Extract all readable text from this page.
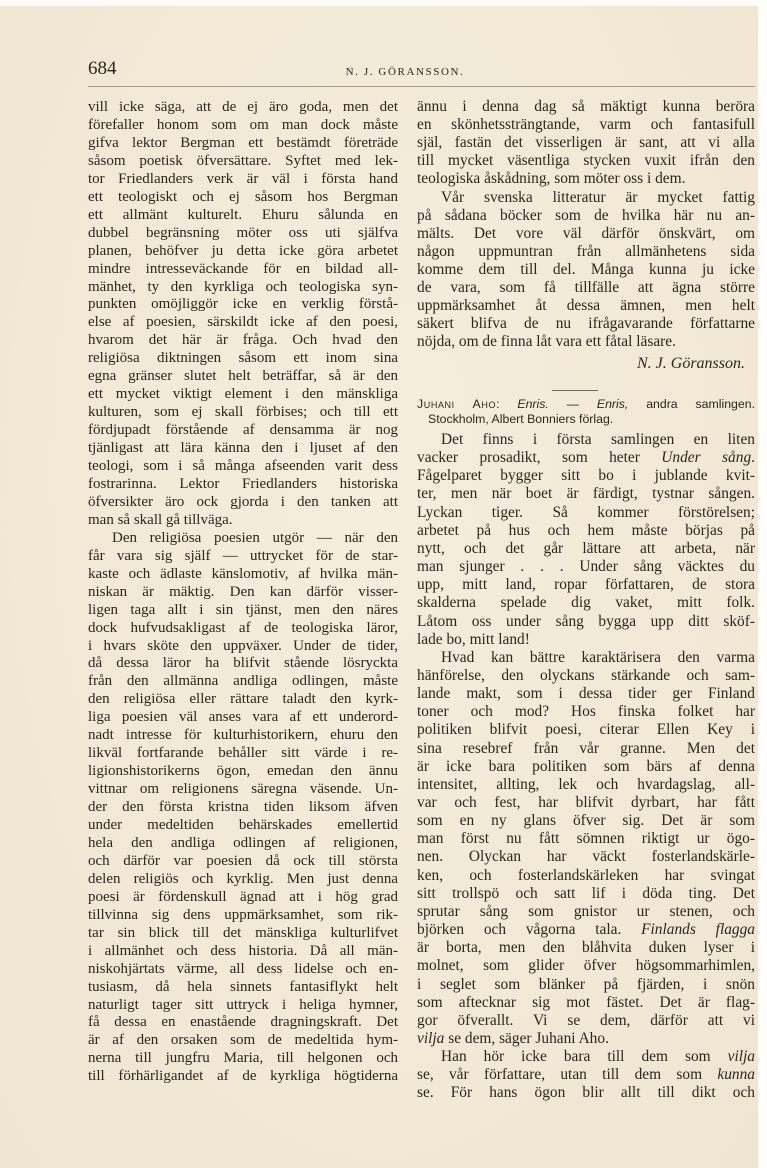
684	N. J. GÖRANSSON.
vill icke säga, att de ej äro goda, men det
förefaller honom som om man dock måste
gifva lektor Bergman ett bestämdt företräde
såsom poetisk öfversättare. Syftet med lek-
tor Friedlanders verk är väl i första hand
ett teologiskt och ej såsom hos Bergman
ett allmänt kulturelt. Ehuru sålunda en
dubbel begränsning möter oss uti själfva
planen, behöfver ju detta icke göra arbetet
mindre intresseväckande för en bildad all-
mänhet, ty den kyrkliga och teologiska syn-
punkten omöjliggör icke en verklig förstå-
else af poesien, särskildt icke af den poesi,
hvarom det här är fråga. Och hvad den
religiösa diktningen såsom ett inom sina
egna gränser slutet helt beträffar, så är den
ett mycket viktigt element i den mänskliga
kulturen, som ej skall förbises; och till ett
fördjupadt förstående af densamma är nog
tjänligast att lära känna den i ljuset af den
teologi, som i så många afseenden varit dess
fostrarinna. Lektor Friedlanders historiska
öfversikter äro ock gjorda i den tanken att
man så skall gå tillväga.
Den religiösa poesien utgör — när den
får vara sig själf — uttrycket för de star-
kaste och ädlaste känslomotiv, af hvilka män-
niskan är mäktig. Den kan därför visser-
ligen taga allt i sin tjänst, men den näres
dock hufvudsakligast af de teologiska läror,
i hvars sköte den uppväxer. Under de tider,
då dessa läror ha blifvit stående lösryckta
från den allmänna andliga odlingen, måste
den religiösa eller rättare taladt den kyrk-
liga poesien väl anses vara af ett underord-
nadt intresse för kulturhistorikern, ehuru den
likväl fortfarande behåller sitt värde i re-
ligionshistorikerns ögon, emedan den ännu
vittnar om religionens säregna väsende. Un-
der den första kristna tiden liksom äfven
under medeltiden behärskades emellertid
hela den andliga odlingen af religionen,
och därför var poesien då ock till största
delen religiös och kyrklig. Men just denna
poesi är fördenskull ägnad att i hög grad
tillvinna sig dens uppmärksamhet, som rik-
tar sin blick till det mänskliga kulturlifvet
i allmänhet och dess historia. Då all män-
niskohjärtats värme, all dess lidelse och en-
tusiasm, då hela sinnets fantasiflykt helt
naturligt tager sitt uttryck i heliga hymner,
få dessa en enastående dragningskraft. Det
är af den orsaken som de medeltida hym-
nerna till jungfru Maria, till helgonen och
till förhärligandet af de kyrkliga högtiderna
ännu i denna dag så mäktigt kunna beröra
en skönhetssträngtande, varm och fantasifull
själ, fastän det visserligen är sant, att vi alla
till mycket väsentliga stycken vuxit ifrån den
teologiska åskådning, som möter oss i dem.
Vår svenska litteratur är mycket fattig
på sådana böcker som de hvilka här nu an-
mälts. Det vore väl därför önskvärt, om
någon uppmuntran från allmänhetens sida
komme dem till del. Många kunna ju icke
de vara, som få tillfälle att ägna större
uppmärksamhet åt dessa ämnen, men helt
säkert blifva de nu ifrågavarande författarne
nöjda, om de finna låt vara ett fåtal läsare.
N. J. Göransson.
Juhani Aho: Enris. — Enris, andra samlingen.
Stockholm, Albert Bonniers förlag.
Det finns i första samlingen en liten
vacker prosadikt, som heter Under sång.
Fågelparet bygger sitt bo i jublande kvit-
ter, men när boet är färdigt, tystnar sången.
Lyckan tiger. Så kommer förstörelsen;
arbetet på hus och hem måste börjas på
nytt, och det går lättare att arbeta, när
man sjunger . . . Under sång väcktes du
upp, mitt land, ropar författaren, de stora
skalderna spelade dig vaket, mitt folk.
Låtom oss under sång bygga upp ditt sköf-
lade bo, mitt land!
Hvad kan bättre karaktärisera den varma
hänförelse, den olyckans stärkande och sam-
lande makt, som i dessa tider ger Finland
toner och mod? Hos finska folket har
politiken blifvit poesi, citerar Ellen Key i
sina resebref från vår granne. Men det
är icke bara politiken som bärs af denna
intensitet, allting, lek och hvardagslag, all-
var och fest, har blifvit dyrbart, har fått
som en ny glans öfver sig. Det är som
man först nu fått sömnen riktigt ur ögo-
nen. Olyckan har väckt fosterlandskärle-
ken, och fosterlandskärleken har svingat
sitt trollspö och satt lif i döda ting. Det
sprutar sång som gnistor ur stenen, och
björken och vågorna tala. Finlands flagga
är borta, men den blåhvita duken lyser i
molnet, som glider öfver högsommarhimlen,
i seglet som blänker på fjärden, i snön
som aftecknar sig mot fästet. Det är flag-
gor öfverallt. Vi se dem, därför att vi
vilja se dem, säger Juhani Aho.
Han hör icke bara till dem som vilja
se, vår författare, utan till dem som kunna
se. För hans ögon blir allt till dikt och
